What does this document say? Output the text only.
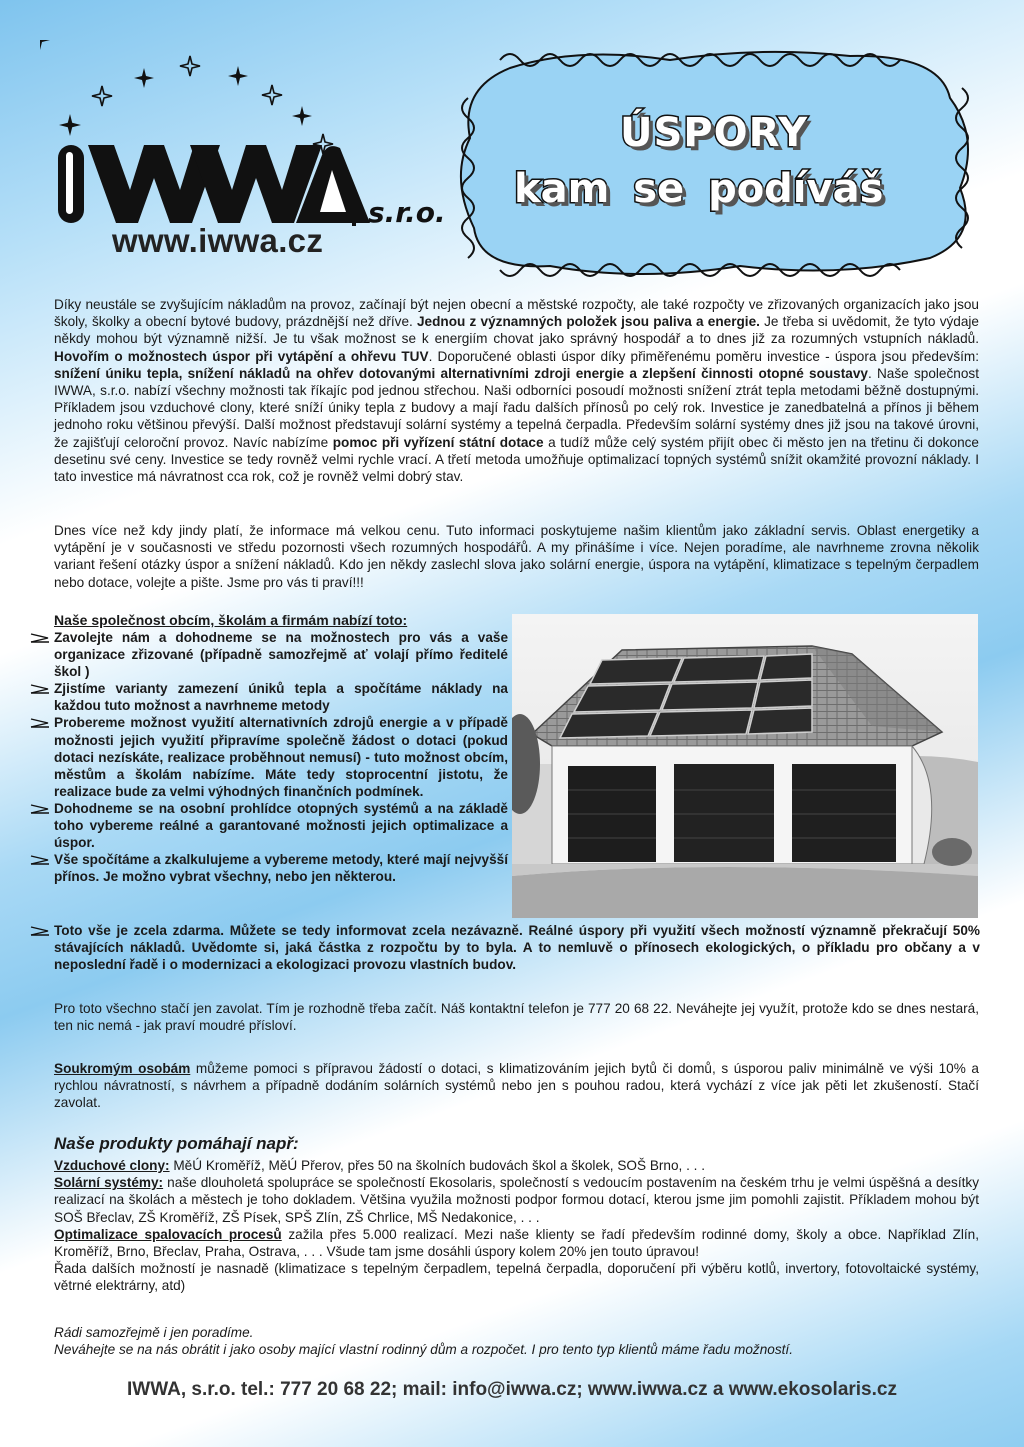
s.r.o.
www.iwwa.cz
ÚSPORY
kam se podíváš
Díky neustále se zvyšujícím nákladům na provoz, začínají být nejen obecní a městské rozpočty, ale také rozpočty ve zřizovaných organizacích jako jsou školy, školky a obecní bytové budovy, prázdnější než dříve. Jednou z významných položek jsou paliva a energie. Je třeba si uvědomit, že tyto výdaje někdy mohou být významně nižší. Je tu však možnost se k energiím chovat jako správný hospodář a to dnes již za rozumných vstupních nákladů. Hovořím o možnostech úspor při vytápění a ohřevu TUV. Doporučené oblasti úspor díky přiměřenému poměru investice - úspora jsou především: snížení úniku tepla, snížení nákladů na ohřev dotovanými alternativními zdroji energie a zlepšení činnosti otopné soustavy. Naše společnost IWWA, s.r.o. nabízí všechny možnosti tak říkajíc pod jednou střechou. Naši odborníci posoudí možnosti snížení ztrát tepla metodami běžně dostupnými. Příkladem jsou vzduchové clony, které sníží úniky tepla z budovy a mají řadu dalších přínosů po celý rok. Investice je zanedbatelná a přínos ji během jednoho roku většinou převýší. Další možnost představují solární systémy a tepelná čerpadla. Především solární systémy dnes již jsou na takové úrovni, že zajišťují celoroční provoz. Navíc nabízíme pomoc při vyřízení státní dotace a tudíž může celý systém přijít obec či město jen na třetinu či dokonce desetinu své ceny. Investice se tedy rovněž velmi rychle vrací. A třetí metoda umožňuje optimalizací topných systémů snížit okamžité provozní náklady. I tato investice má návratnost cca rok, což je rovněž velmi dobrý stav.
Dnes více než kdy jindy platí, že informace má velkou cenu. Tuto informaci poskytujeme našim klientům jako základní servis. Oblast energetiky a vytápění je v současnosti ve středu pozornosti všech rozumných hospodářů. A my přinášíme i více. Nejen poradíme, ale navrhneme zrovna několik variant řešení otázky úspor a snížení nákladů. Kdo jen někdy zaslechl slova jako solární energie, úspora na vytápění, klimatizace s tepelným čerpadlem nebo dotace, volejte a pište. Jsme pro vás ti praví!!!
Naše společnost obcím, školám a firmám nabízí toto:
Zavolejte nám a dohodneme se na možnostech pro vás a vaše organizace zřizované (případně samozřejmě ať volají přímo ředitelé škol )
Zjistíme varianty zamezení úniků tepla a spočítáme náklady na každou tuto možnost a navrhneme metody
Probereme možnost využití alternativních zdrojů energie a v případě možnosti jejich využití připravíme společně žádost o dotaci (pokud dotaci nezískáte, realizace proběhnout nemusí) - tuto možnost obcím, městům a školám nabízíme. Máte tedy stoprocentní jistotu, že realizace bude za velmi výhodných finančních podmínek.
Dohodneme se na osobní prohlídce otopných systémů a na základě toho vybereme reálné a garantované možnosti jejich optimalizace a úspor.
Vše spočítáme a zkalkulujeme a vybereme metody, které mají nejvyšší přínos. Je možno vybrat všechny, nebo jen některou.
Toto vše je zcela zdarma. Můžete se tedy informovat zcela nezávazně. Reálné úspory při využití všech možností významně překračují 50% stávajících nákladů. Uvědomte si, jaká částka z rozpočtu by to byla. A to nemluvě o přínosech ekologických, o příkladu pro občany a v neposlední řadě i o modernizaci a ekologizaci provozu vlastních budov.
Pro toto všechno stačí jen zavolat. Tím je rozhodně třeba začít. Náš kontaktní telefon je 777 20 68 22. Neváhejte jej využít, protože kdo se dnes nestará, ten nic nemá - jak praví moudré přísloví.
Soukromým osobám můžeme pomoci s přípravou žádostí o dotaci, s klimatizováním jejich bytů či domů, s úsporou paliv minimálně ve výši 10% a rychlou návratností, s návrhem a případně dodáním solárních systémů nebo jen s pouhou radou, která vychází z více jak pěti let zkušeností. Stačí zavolat.
Naše produkty pomáhají např:
Vzduchové clony: MěÚ Kroměříž, MěÚ Přerov, přes 50 na školních budovách škol a školek, SOŠ Brno, . . .
Solární systémy: naše dlouholetá spolupráce se společností Ekosolaris, společností s vedoucím postavením na českém trhu je velmi úspěšná a desítky realizací na školách a městech je toho dokladem. Většina využila možnosti podpor formou dotací, kterou jsme jim pomohli zajistit. Příkladem mohou být SOŠ Břeclav, ZŠ Kroměříž, ZŠ Písek, SPŠ Zlín, ZŠ Chrlice, MŠ Nedakonice, . . .
Optimalizace spalovacích procesů zažila přes 5.000 realizací. Mezi naše klienty se řadí především rodinné domy, školy a obce. Například Zlín, Kroměříž, Brno, Břeclav, Praha, Ostrava, . . . Všude tam jsme dosáhli úspory kolem 20% jen touto úpravou!
Řada dalších možností je nasnadě (klimatizace s tepelným čerpadlem, tepelná čerpadla, doporučení při výběru kotlů, invertory, fotovoltaické systémy, větrné elektrárny, atd)
Rádi samozřejmě i jen poradíme.
Neváhejte se na nás obrátit i jako osoby mající vlastní rodinný dům a rozpočet. I pro tento typ klientů máme řadu možností.
IWWA, s.r.o. tel.: 777 20 68 22; mail: info@iwwa.cz; www.iwwa.cz a www.ekosolaris.cz
